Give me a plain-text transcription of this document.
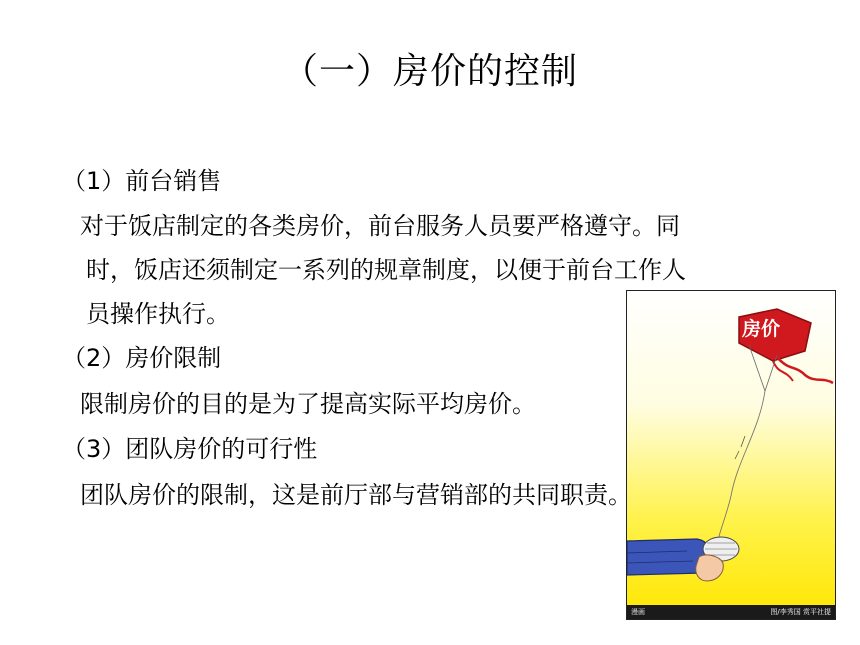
（一）房价的控制
（1）前台销售
对于饭店制定的各类房价，前台服务人员要严格遵守。同
时，饭店还须制定一系列的规章制度，以便于前台工作人
员操作执行。
（2）房价限制
限制房价的目的是为了提高实际平均房价。
（3）团队房价的可行性
房价
漫画	图/李秀国 赏平社提
团队房价的限制，这是前厅部与营销部的共同职责。
